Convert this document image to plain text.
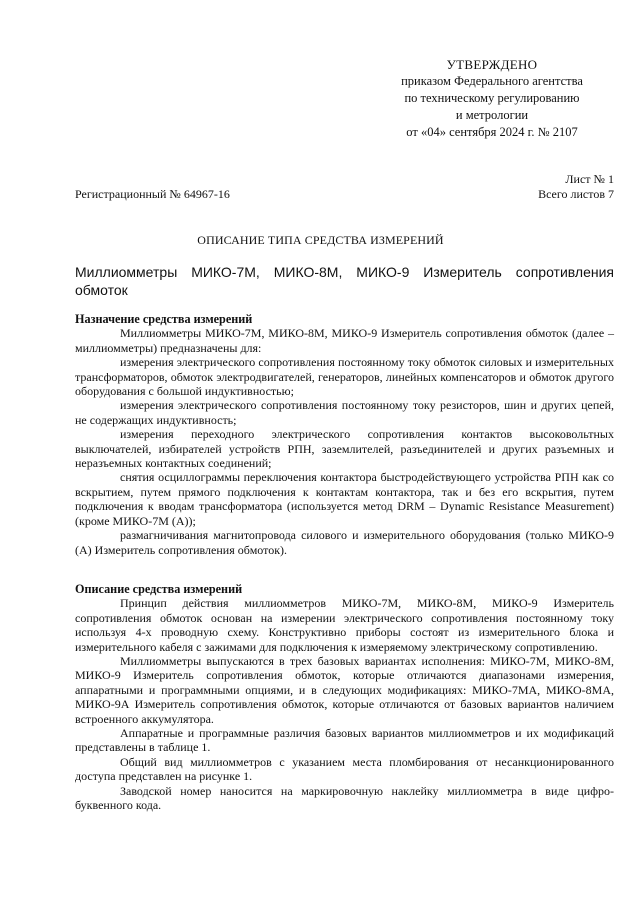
УТВЕРЖДЕНО
приказом Федерального агентства
по техническому регулированию
и метрологии
от «04» сентября 2024 г. № 2107
Лист № 1
Всего листов 7
Регистрационный № 64967-16
ОПИСАНИЕ ТИПА СРЕДСТВА ИЗМЕРЕНИЙ
Миллиомметры МИКО-7М, МИКО-8М, МИКО-9 Измеритель сопротивления обмоток
Назначение средства измерений

Миллиомметры МИКО-7М, МИКО-8М, МИКО-9 Измеритель сопротивления обмоток (далее – миллиомметры) предназначены для:

измерения электрического сопротивления постоянному току обмоток силовых и измерительных трансформаторов, обмоток электродвигателей, генераторов, линейных компенсаторов и обмоток другого оборудования с большой индуктивностью;

измерения электрического сопротивления постоянному току резисторов, шин и других цепей, не содержащих индуктивность;

измерения переходного электрического сопротивления контактов высоковольтных выключателей, избирателей устройств РПН, заземлителей, разъединителей и других разъемных и неразъемных контактных соединений;

снятия осциллограммы переключения контактора быстродействующего устройства РПН как со вскрытием, путем прямого подключения к контактам контактора, так и без его вскрытия, путем подключения к вводам трансформатора (используется метод DRM – Dynamic Resistance Measurement) (кроме МИКО-7М (А));

размагничивания магнитопровода силового и измерительного оборудования (только МИКО-9 (А) Измеритель сопротивления обмоток).

Описание средства измерений

Принцип действия миллиомметров МИКО-7М, МИКО-8М, МИКО-9 Измеритель сопротивления обмоток основан на измерении электрического сопротивления постоянному току используя 4-х проводную схему. Конструктивно приборы состоят из измерительного блока и измерительного кабеля с зажимами для подключения к измеряемому электрическому сопротивлению.

Миллиомметры выпускаются в трех базовых вариантах исполнения: МИКО-7М, МИКО-8М, МИКО-9 Измеритель сопротивления обмоток, которые отличаются диапазонами измерения, аппаратными и программными опциями, и в следующих модификациях: МИКО-7МА, МИКО-8МА, МИКО-9А Измеритель сопротивления обмоток, которые отличаются от базовых вариантов наличием встроенного аккумулятора.

Аппаратные и программные различия базовых вариантов миллиомметров и их модификаций представлены в таблице 1.

Общий вид миллиомметров с указанием места пломбирования от несанкционированного доступа представлен на рисунке 1.

Заводской номер наносится на маркировочную наклейку миллиомметра в виде цифро-буквенного кода.
